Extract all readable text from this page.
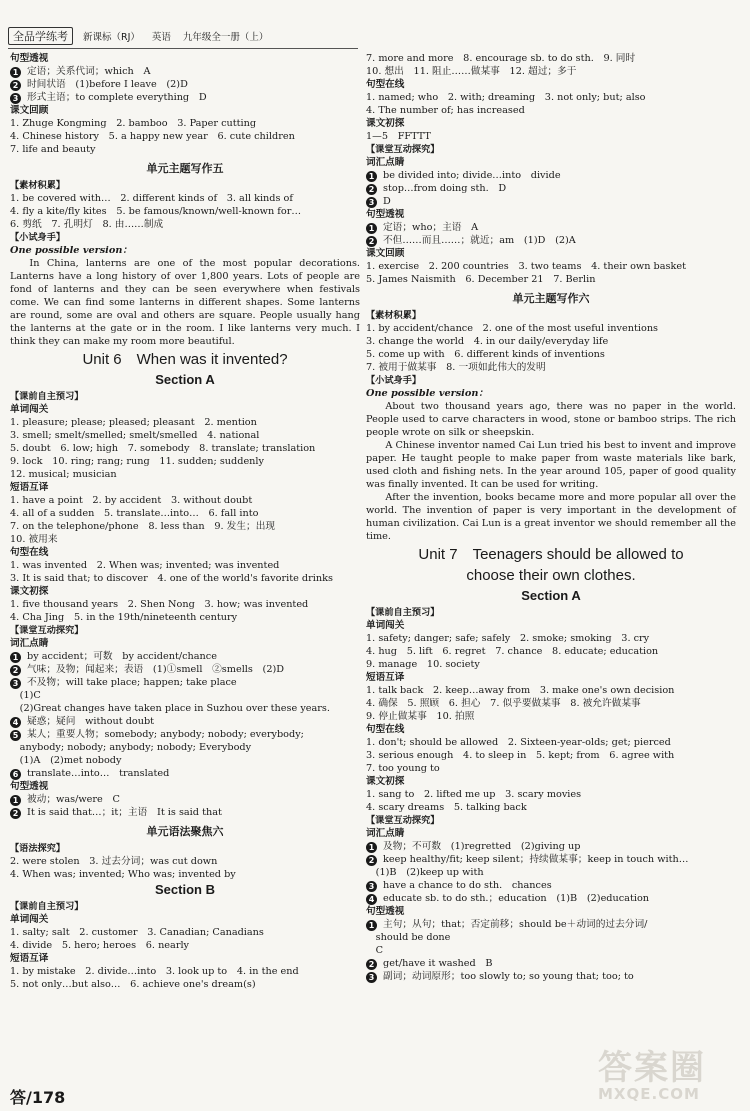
全品学练考	新课标（RJ） 英语 九年级全一册（上）
句型透视
1 定语；关系代词；which　A
2 时间状语　(1)before I leave　(2)D
3 形式主语；to complete everything　D
课文回顾
1. Zhuge Kongming　2. bamboo　3. Paper cutting
4. Chinese history　5. a happy new year　6. cute children
7. life and beauty
单元主题写作五
【素材积累】
1. be covered with…　2. different kinds of　3. all kinds of
4. fly a kite/fly kites　5. be famous/known/well-known for…
6. 剪纸　7. 孔明灯　8. 由……制成
【小试身手】
One possible version：
In China, lanterns are one of the most popular decorations. Lanterns have a long history of over 1,800 years. Lots of people are fond of lanterns and they can be seen everywhere when festivals come. We can find some lanterns in different shapes. Some lanterns are round, some are oval and others are square. People usually hang the lanterns at the gate or in the room. I like lanterns very much. I think they can make my room more beautiful.
Unit 6　When was it invented?
Section A
【课前自主预习】
单词闯关
1. pleasure; please; pleased; pleasant　2. mention
3. smell; smelt/smelled; smelt/smelled　4. national
5. doubt　6. low; high　7. somebody　8. translate; translation
9. lock　10. ring; rang; rung　11. sudden; suddenly
12. musical; musician
短语互译
1. have a point　2. by accident　3. without doubt
4. all of a sudden　5. translate…into…　6. fall into
7. on the telephone/phone　8. less than　9. 发生；出现
10. 被用来
句型在线
1. was invented　2. When was; invented; was invented
3. It is said that; to discover　4. one of the world's favorite drinks
课文初探
1. five thousand years　2. Shen Nong　3. how; was invented
4. Cha Jing　5. in the 19th/nineteenth century
【课堂互动探究】
词汇点睛
1 by accident；可数　by accident/chance
2 气味；及物；闻起来；表语　(1)①smell　②smells　(2)D
3 不及物；will take place; happen; take place
　(1)C
　(2)Great changes have taken place in Suzhou over these years.
4 疑惑；疑问　without doubt
5 某人；重要人物；somebody; anybody; nobody; everybody;
　anybody; nobody; anybody; nobody; Everybody
　(1)A　(2)met nobody
6 translate…into…　translated
句型透视
1 被动；was/were　C
2 It is said that…；it；主语　It is said that
单元语法聚焦六
【语法探究】
2. were stolen　3. 过去分词；was cut down
4. When was; invented; Who was; invented by
Section B
【课前自主预习】
单词闯关
1. salty; salt　2. customer　3. Canadian; Canadians
4. divide　5. hero; heroes　6. nearly
短语互译
1. by mistake　2. divide…into　3. look up to　4. in the end
5. not only…but also…　6. achieve one's dream(s)
7. more and more　8. encourage sb. to do sth.　9. 同时
10. 想出　11. 阻止……做某事　12. 超过；多于
句型在线
1. named; who　2. with; dreaming　3. not only; but; also
4. The number of; has increased
课文初探
1—5　FFTTT
【课堂互动探究】
词汇点睛
1 be divided into; divide…into　divide
2 stop…from doing sth.　D
3 D
句型透视
1 定语；who；主语　A
2 不但……而且……；就近；am　(1)D　(2)A
课文回顾
1. exercise　2. 200 countries　3. two teams　4. their own basket
5. James Naismith　6. December 21　7. Berlin
单元主题写作六
【素材积累】
1. by accident/chance　2. one of the most useful inventions
3. change the world　4. in our daily/everyday life
5. come up with　6. different kinds of inventions
7. 被用于做某事　8. 一项如此伟大的发明
【小试身手】
One possible version：
About two thousand years ago, there was no paper in the world. People used to carve characters in wood, stone or bamboo strips. The rich people wrote on silk or sheepskin.
A Chinese inventor named Cai Lun tried his best to invent and improve paper. He taught people to make paper from waste materials like bark, used cloth and fishing nets. In the year around 105, paper of good quality was finally invented. It can be used for writing.
After the invention, books became more and more popular all over the world. The invention of paper is very important in the development of human civilization. Cai Lun is a great inventor we should remember all the time.
Unit 7　Teenagers should be allowed to
choose their own clothes.
Section A
【课前自主预习】
单词闯关
1. safety; danger; safe; safely　2. smoke; smoking　3. cry
4. hug　5. lift　6. regret　7. chance　8. educate; education
9. manage　10. society
短语互译
1. talk back　2. keep…away from　3. make one's own decision
4. 确保　5. 照顾　6. 担心　7. 似乎要做某事　8. 被允许做某事
9. 停止做某事　10. 拍照
句型在线
1. don't; should be allowed　2. Sixteen-year-olds; get; pierced
3. serious enough　4. to sleep in　5. kept; from　6. agree with
7. too young to
课文初探
1. sang to　2. lifted me up　3. scary movies
4. scary dreams　5. talking back
【课堂互动探究】
词汇点睛
1 及物；不可数　(1)regretted　(2)giving up
2 keep healthy/fit; keep silent；持续做某事；keep in touch with…
　(1)B　(2)keep up with
3 have a chance to do sth.　chances
4 educate sb. to do sth.；education　(1)B　(2)education
句型透视
1 主句；从句；that；否定前移；should be＋动词的过去分词/
　should be done
　C
2 get/have it washed　B
3 副词；动词原形；too slowly to; so young that; too; to
答/178
答案圈
MXQE.COM
